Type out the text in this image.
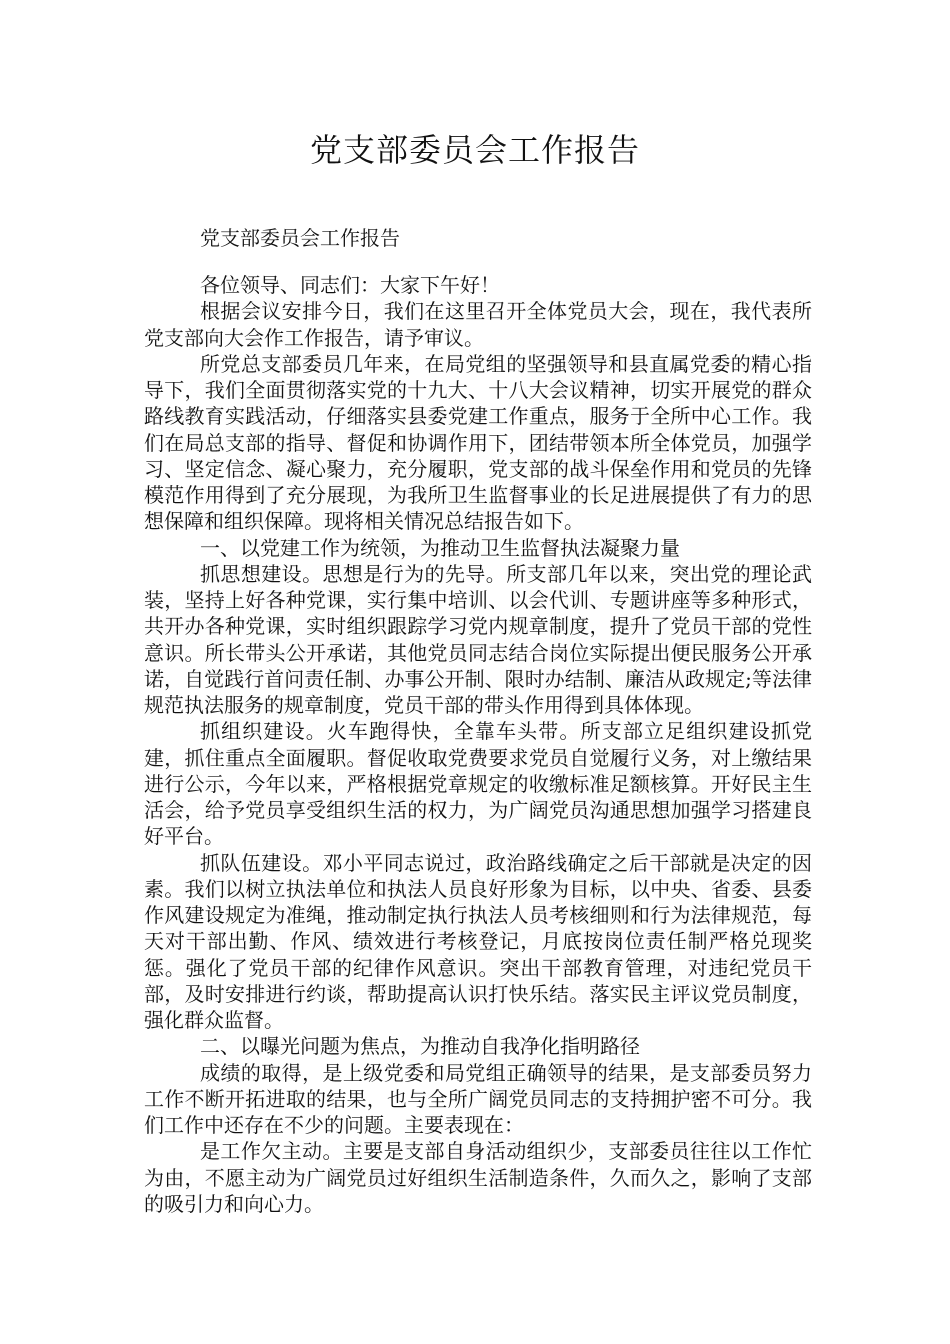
党支部委员会工作报告
党支部委员会工作报告

各位领导、同志们：大家下午好！

根据会议安排今日，我们在这里召开全体党员大会，现在，我代表所党支部向大会作工作报告，请予审议。

所党总支部委员几年来，在局党组的坚强领导和县直属党委的精心指导下，我们全面贯彻落实党的十九大、十八大会议精神，切实开展党的群众路线教育实践活动，仔细落实县委党建工作重点，服务于全所中心工作。我们在局总支部的指导、督促和协调作用下，团结带领本所全体党员，加强学习、坚定信念、凝心聚力，充分履职，党支部的战斗保垒作用和党员的先锋模范作用得到了充分展现，为我所卫生监督事业的长足进展提供了有力的思想保障和组织保障。现将相关情况总结报告如下。

一、以党建工作为统领，为推动卫生监督执法凝聚力量

抓思想建设。思想是行为的先导。所支部几年以来，突出党的理论武装，坚持上好各种党课，实行集中培训、以会代训、专题讲座等多种形式，共开办各种党课，实时组织跟踪学习党内规章制度，提升了党员干部的党性意识。所长带头公开承诺，其他党员同志结合岗位实际提出便民服务公开承诺，自觉践行首问责任制、办事公开制、限时办结制、廉洁从政规定;等法律规范执法服务的规章制度，党员干部的带头作用得到具体体现。

抓组织建设。火车跑得快，全靠车头带。所支部立足组织建设抓党建，抓住重点全面履职。督促收取党费要求党员自觉履行义务，对上缴结果进行公示，今年以来，严格根据党章规定的收缴标准足额核算。开好民主生活会，给予党员享受组织生活的权力，为广阔党员沟通思想加强学习搭建良好平台。

抓队伍建设。邓小平同志说过，政治路线确定之后干部就是决定的因素。我们以树立执法单位和执法人员良好形象为目标，以中央、省委、县委作风建设规定为准绳，推动制定执行执法人员考核细则和行为法律规范，每天对干部出勤、作风、绩效进行考核登记，月底按岗位责任制严格兑现奖惩。强化了党员干部的纪律作风意识。突出干部教育管理，对违纪党员干部，及时安排进行约谈，帮助提高认识打快乐结。落实民主评议党员制度，强化群众监督。

二、以曝光问题为焦点，为推动自我净化指明路径

成绩的取得，是上级党委和局党组正确领导的结果，是支部委员努力工作不断开拓进取的结果，也与全所广阔党员同志的支持拥护密不可分。我们工作中还存在不少的问题。主要表现在：

是工作欠主动。主要是支部自身活动组织少，支部委员往往以工作忙为由，不愿主动为广阔党员过好组织生活制造条件，久而久之，影响了支部的吸引力和向心力。
